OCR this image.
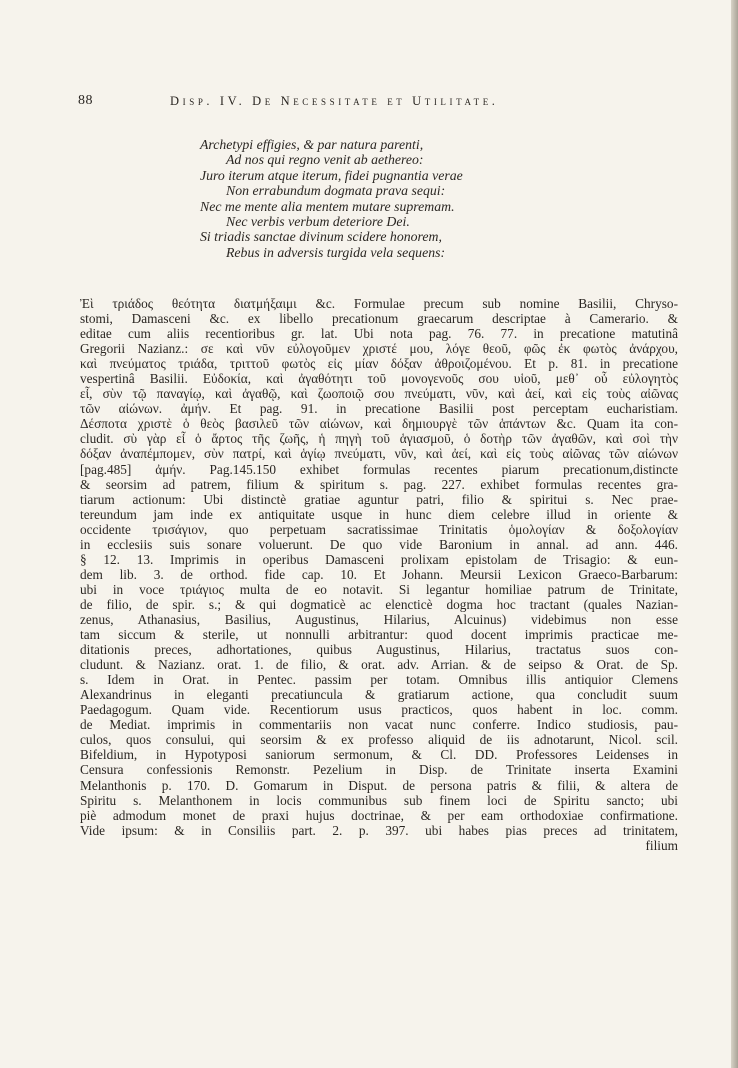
88	Disp. IV. De Necessitate et Utilitate.
Archetypi effigies, & par natura parenti,
Ad nos qui regno venit ab aethereo:
Juro iterum atque iterum, fidei pugnantia verae
Non errabundum dogmata prava sequi:
Nec me mente alia mentem mutare supremam.
Nec verbis verbum deteriore Dei.
Si triadis sanctae divinum scidere honorem,
Rebus in adversis turgida vela sequens:
Ἐὶ τριάδος θεότητα διατμήξαιμι &c. Formulae precum sub nomine Basilii, Chryso-
stomi, Damasceni &c. ex libello precationum graecarum descriptae à Camerario. &
editae cum aliis recentioribus gr. lat. Ubi nota pag. 76. 77. in precatione matutinâ
Gregorii Nazianz.: σε καὶ νῦν εὐλογοῦμεν χριστέ μου, λόγε θεοῦ, φῶς ἐκ φωτὸς ἀνάρχου,
καὶ πνεύματος τριάδα, τριττοῦ φωτὸς εἰς μίαν δόξαν ἀθροιζομένου. Et p. 81. in precatione
vespertinâ Basilii. Εὐδοκία, καὶ ἀγαθότητι τοῦ μονογενοῦς σου υἱοῦ, μεθ᾽ οὗ εὐλογητὸς
εἶ, σὺν τῷ παναγίῳ, καὶ ἀγαθῷ, καὶ ζωοποιῷ σου πνεύματι, νῦν, καὶ ἀεί, καὶ εἰς τοὺς αἰῶνας
τῶν αἰώνων. ἀμήν. Et pag. 91. in precatione Basilii post perceptam eucharistiam.
Δέσποτα χριστὲ ὁ θεὸς βασιλεῦ τῶν αἰώνων, καὶ δημιουργὲ τῶν ἁπάντων &c. Quam ita con-
cludit. σὺ γὰρ εἶ ὁ ἄρτος τῆς ζωῆς, ἡ πηγὴ τοῦ ἁγιασμοῦ, ὁ δοτὴρ τῶν ἀγαθῶν, καὶ σοὶ τὴν
δόξαν ἀναπέμπομεν, σὺν πατρί, καὶ ἁγίῳ πνεύματι, νῦν, καὶ ἀεί, καὶ εἰς τοὺς αἰῶνας τῶν αἰώνων
[pag.485] ἀμήν. Pag.145.150 exhibet formulas recentes piarum precationum,distincte
& seorsim ad patrem, filium & spiritum s. pag. 227. exhibet formulas recentes gra-
tiarum actionum: Ubi distinctè gratiae aguntur patri, filio & spiritui s. Nec prae-
tereundum jam inde ex antiquitate usque in hunc diem celebre illud in oriente &
occidente τρισάγιον, quo perpetuam sacratissimae Trinitatis ὁμολογίαν & δοξολογίαν
in ecclesiis suis sonare voluerunt. De quo vide Baronium in annal. ad ann. 446.
§ 12. 13. Imprimis in operibus Damasceni prolixam epistolam de Trisagio: & eun-
dem lib. 3. de orthod. fide cap. 10. Et Johann. Meursii Lexicon Graeco-Barbarum:
ubi in voce τριάγιος multa de eo notavit. Si legantur homiliae patrum de Trinitate,
de filio, de spir. s.; & qui dogmaticè ac elencticè dogma hoc tractant (quales Nazian-
zenus, Athanasius, Basilius, Augustinus, Hilarius, Alcuinus) videbimus non esse
tam siccum & sterile, ut nonnulli arbitrantur: quod docent imprimis practicae me-
ditationis preces, adhortationes, quibus Augustinus, Hilarius, tractatus suos con-
cludunt. & Nazianz. orat. 1. de filio, & orat. adv. Arrian. & de seipso & Orat. de Sp.
s. Idem in Orat. in Pentec. passim per totam. Omnibus illis antiquior Clemens
Alexandrinus in eleganti precatiuncula & gratiarum actione, qua concludit suum
Paedagogum. Quam vide. Recentiorum usus practicos, quos habent in loc. comm.
de Mediat. imprimis in commentariis non vacat nunc conferre. Indico studiosis, pau-
culos, quos consului, qui seorsim & ex professo aliquid de iis adnotarunt, Nicol. scil.
Bifeldium, in Hypotyposi saniorum sermonum, & Cl. DD. Professores Leidenses in
Censura confessionis Remonstr. Pezelium in Disp. de Trinitate inserta Examini
Melanthonis p. 170. D. Gomarum in Disput. de persona patris & filii, & altera de
Spiritu s. Melanthonem in locis communibus sub finem loci de Spiritu sancto; ubi
piè admodum monet de praxi hujus doctrinae, & per eam orthodoxiae confirmatione.
Vide ipsum: & in Consiliis part. 2. p. 397. ubi habes pias preces ad trinitatem,
filium
